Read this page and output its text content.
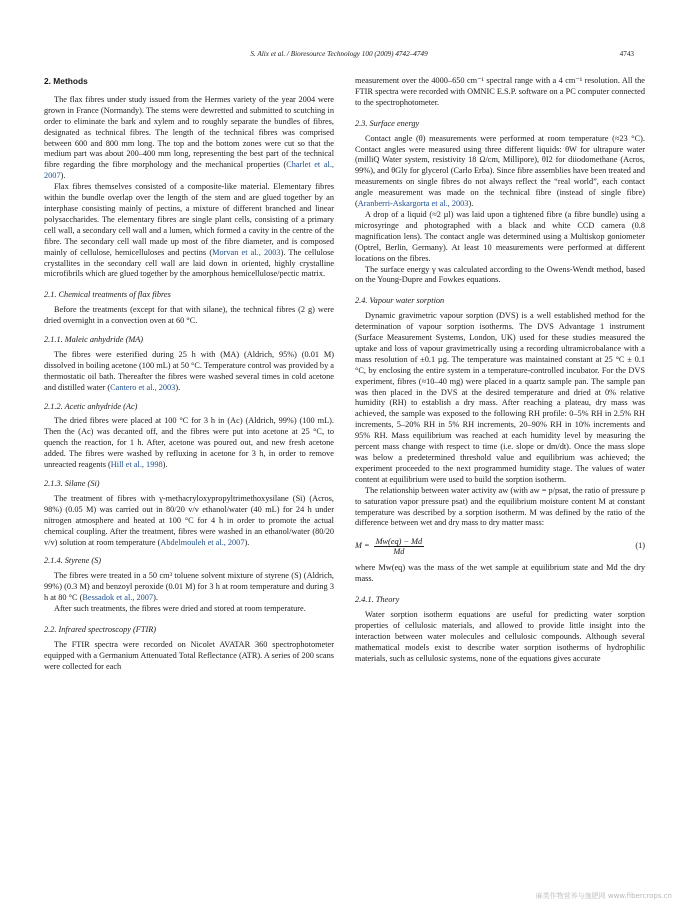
S. Alix et al. / Bioresource Technology 100 (2009) 4742–4749	4743
2. Methods

The flax fibres under study issued from the Hermes variety of the year 2004 were grown in France (Normandy). The stems were dewretted and submitted to scutching in order to eliminate the bark and xylem and to roughly separate the bundles of fibres, designated as technical fibres. The length of the technical fibres was comprised between 600 and 800 mm long. The top and the bottom zones were cut so that the medium part was about 200–400 mm long, representing the best part of the technical fibre regarding the fibre morphology and the mechanical properties (Charlet et al., 2007).

Flax fibres themselves consisted of a composite-like material. Elementary fibres within the bundle overlap over the length of the stem and are glued together by an interphase consisting mainly of pectins, a mixture of different branched and linear polysaccharides. The elementary fibres are single plant cells, consisting of a primary cell wall, a secondary cell wall and a lumen, which formed a cavity in the centre of the fibre. The secondary cell wall made up most of the fibre diameter, and is composed mainly of cellulose, hemicelluloses and pectins (Morvan et al., 2003). The cellulose crystallites in the secondary cell wall are laid down in oriented, highly crystalline microfibrils which are glued together by the amorphous hemicellulose/pectic matrix.

2.1. Chemical treatments of flax fibres

Before the treatments (except for that with silane), the technical fibres (2 g) were dried overnight in a convection oven at 60 °C.

2.1.1. Maleic anhydride (MA)

The fibres were esterified during 25 h with (MA) (Aldrich, 95%) (0.01 M) dissolved in boiling acetone (100 mL) at 50 °C. Temperature control was provided by a thermostatic oil bath. Thereafter the fibres were washed several times in cold acetone and distilled water (Cantero et al., 2003).

2.1.2. Acetic anhydride (Ac)

The dried fibres were placed at 100 °C for 3 h in (Ac) (Aldrich, 99%) (100 mL). Then the (Ac) was decanted off, and the fibres were put into acetone at 25 °C, to quench the reaction, for 1 h. After, acetone was poured out, and new fresh acetone added. The fibres were washed by refluxing in acetone for 3 h, in order to remove unreacted reagents (Hill et al., 1998).

2.1.3. Silane (Si)

The treatment of fibres with γ-methacryloxypropyltrimethoxysilane (Si) (Acros, 98%) (0.05 M) was carried out in 80/20 v/v ethanol/water (40 mL) for 24 h under nitrogen atmosphere and heated at 100 °C for 4 h in order to promote the actual chemical coupling. After the treatment, fibres were washed in an ethanol/water (80/20 v/v) solution at room temperature (Abdelmouleh et al., 2007).

2.1.4. Styrene (S)

The fibres were treated in a 50 cm³ toluene solvent mixture of styrene (S) (Aldrich, 99%) (0.3 M) and benzoyl peroxide (0.01 M) for 3 h at room temperature and during 3 h at 80 °C (Bessadok et al., 2007).

After such treatments, the fibres were dried and stored at room temperature.

2.2. Infrared spectroscopy (FTIR)

The FTIR spectra were recorded on Nicolet AVATAR 360 spectrophotometer equipped with a Germanium Attenuated Total Reflectance (ATR). A series of 200 scans were collected for each

measurement over the 4000–650 cm⁻¹ spectral range with a 4 cm⁻¹ resolution. All the FTIR spectra were recorded with OMNIC E.S.P. software on a PC computer connected to the spectrophotometer.

2.3. Surface energy

Contact angle (θ) measurements were performed at room temperature (≈23 °C). Contact angles were measured using three different liquids: θW for ultrapure water (milliQ Water system, resistivity 18 Ω/cm, Millipore), θI2 for diiodomethane (Acros, 99%), and θGly for glycerol (Carlo Erba). Since fibre assemblies have been treated and measurements on single fibres do not always reflect the “real world”, each contact angle measurement was made on the technical fibre (instead of single fibre) (Aranberri-Askargorta et al., 2003).

A drop of a liquid (≈2 µl) was laid upon a tightened fibre (a fibre bundle) using a microsyringe and photographed with a black and white CCD camera (0.8 magnification lens). The contact angle was determined using a Multiskop goniometer (Optrel, Berlin, Germany). At least 10 measurements were performed at different locations on the fibres.

The surface energy γ was calculated according to the Owens-Wendt method, based on the Young-Dupre and Fowkes equations.

2.4. Vapour water sorption

Dynamic gravimetric vapour sorption (DVS) is a well established method for the determination of vapour sorption isotherms. The DVS Advantage 1 instrument (Surface Measurement Systems, London, UK) used for these studies measured the uptake and loss of vapour gravimetrically using a recording ultramicrobalance with a mass resolution of ±0.1 µg. The temperature was maintained constant at 25 °C ± 0.1 °C, by enclosing the entire system in a temperature-controlled incubator. For the DVS experiment, fibres (≈10–40 mg) were placed in a quartz sample pan. The sample pan was then placed in the DVS at the desired temperature and dried at 0% relative humidity (RH) to establish a dry mass. After reaching a plateau, dry mass was achieved, the sample was exposed to the following RH profile: 0–5% RH in 2.5% RH increments, 5–20% RH in 5% RH increments, 20–90% RH in 10% increments and 95% RH. Mass equilibrium was reached at each humidity level by measuring the percent mass change with respect to time (i.e. slope or dm/dt). Once the mass slope was below a predetermined threshold value and equilibrium was achieved; the experiment proceeded to the next programmed humidity stage. The values of water content at equilibrium were used to build the sorption isotherm.

The relationship between water activity aw (with aw = p/psat, the ratio of pressure p to saturation vapor pressure psat) and the equilibrium moisture content M at constant temperature was described by a sorption isotherm. M was defined by the ratio of the difference between wet and dry mass to dry matter mass:

$M = \frac{Mw(eq) - Md}{Md}$	(1)

where Mw(eq) was the mass of the wet sample at equilibrium state and Md the dry mass.

2.4.1. Theory

Water sorption isotherm equations are useful for predicting water sorption properties of cellulosic materials, and allowed to provide little insight into the interaction between water molecules and cellulosic compounds. Although several mathematical models exist to describe water sorption isotherms of hydrophilic materials, such as cellulosic systems, none of the equations gives accurate

麻类作物营养与施肥网 www.fibercrops.cn
